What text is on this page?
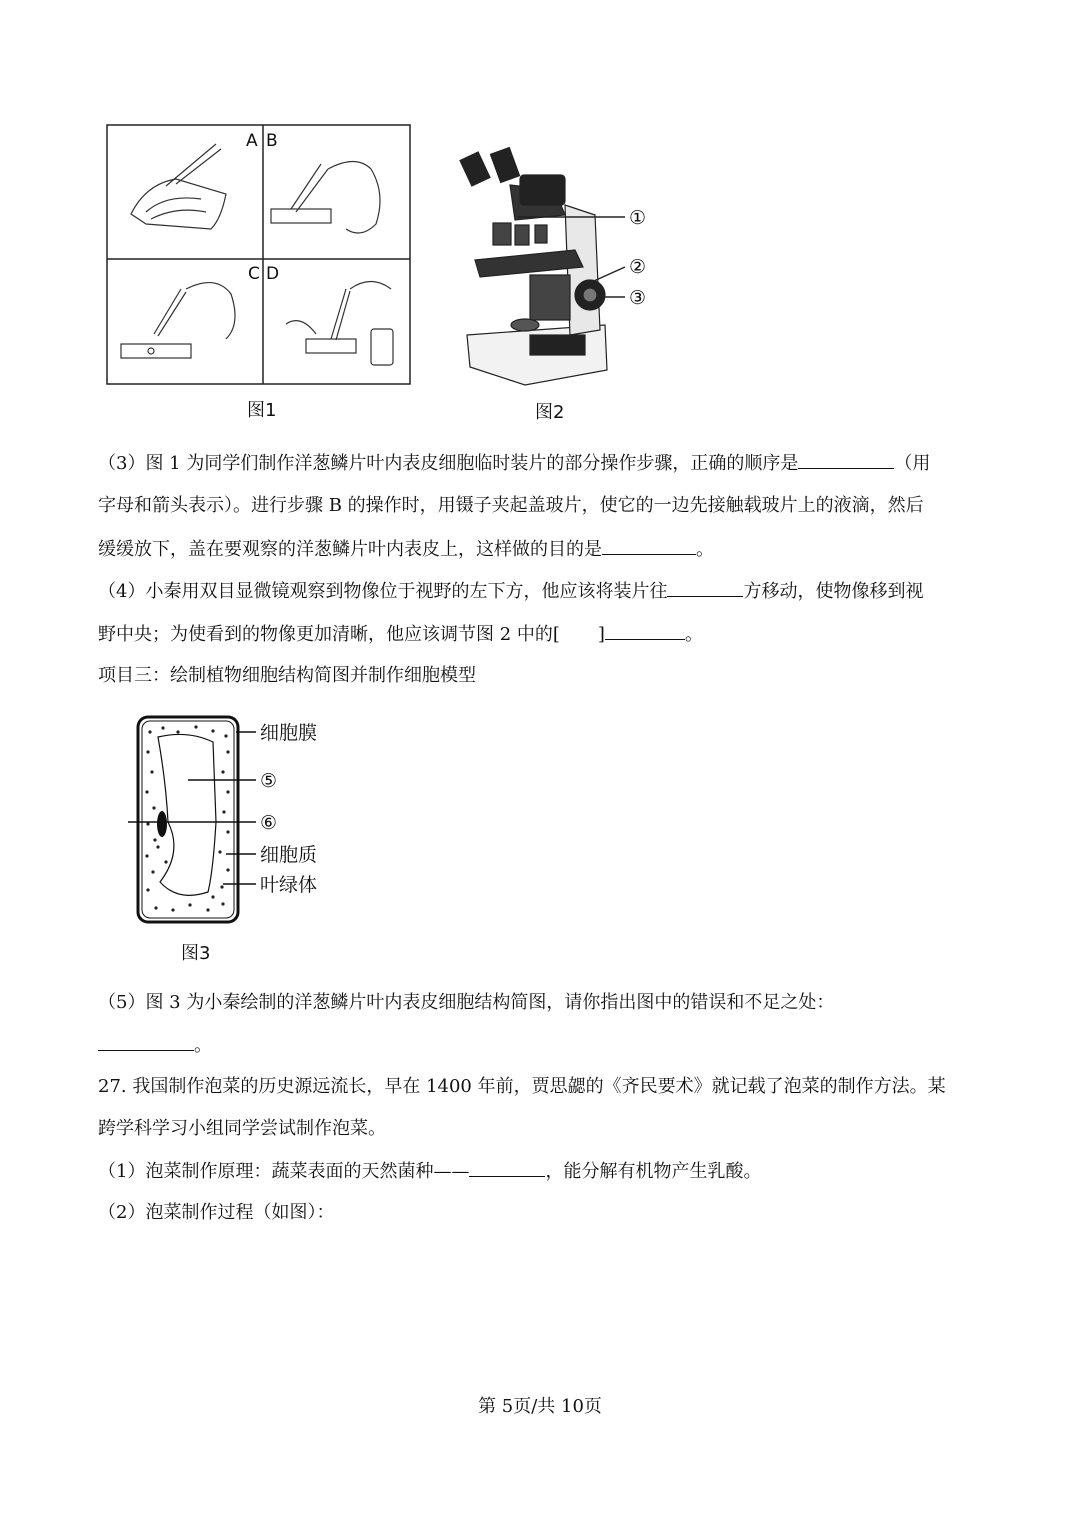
A B
C D
图1
①
②
③
图2
（3）图 1 为同学们制作洋葱鳞片叶内表皮细胞临时装片的部分操作步骤，正确的顺序是	（用
字母和箭头表示）。进行步骤 B 的操作时，用镊子夹起盖玻片，使它的一边先接触载玻片上的液滴，然后
缓缓放下，盖在要观察的洋葱鳞片叶内表皮上，这样做的目的是	。
（4）小秦用双目显微镜观察到物像位于视野的左下方，他应该将装片往	方移动，使物像移到视
野中央；为使看到的物像更加清晰，他应该调节图 2 中的[ ]	。
项目三：绘制植物细胞结构简图并制作细胞模型
细胞膜
⑤
⑥
细胞质
叶绿体
图3
（5）图 3 为小秦绘制的洋葱鳞片叶内表皮细胞结构简图，请你指出图中的错误和不足之处：
。
27. 我国制作泡菜的历史源远流长，早在 1400 年前，贾思勰的《齐民要术》就记载了泡菜的制作方法。某
跨学科学习小组同学尝试制作泡菜。
（1）泡菜制作原理：蔬菜表面的天然菌种——	，能分解有机物产生乳酸。
（2）泡菜制作过程（如图）：
第 5页/共 10页
